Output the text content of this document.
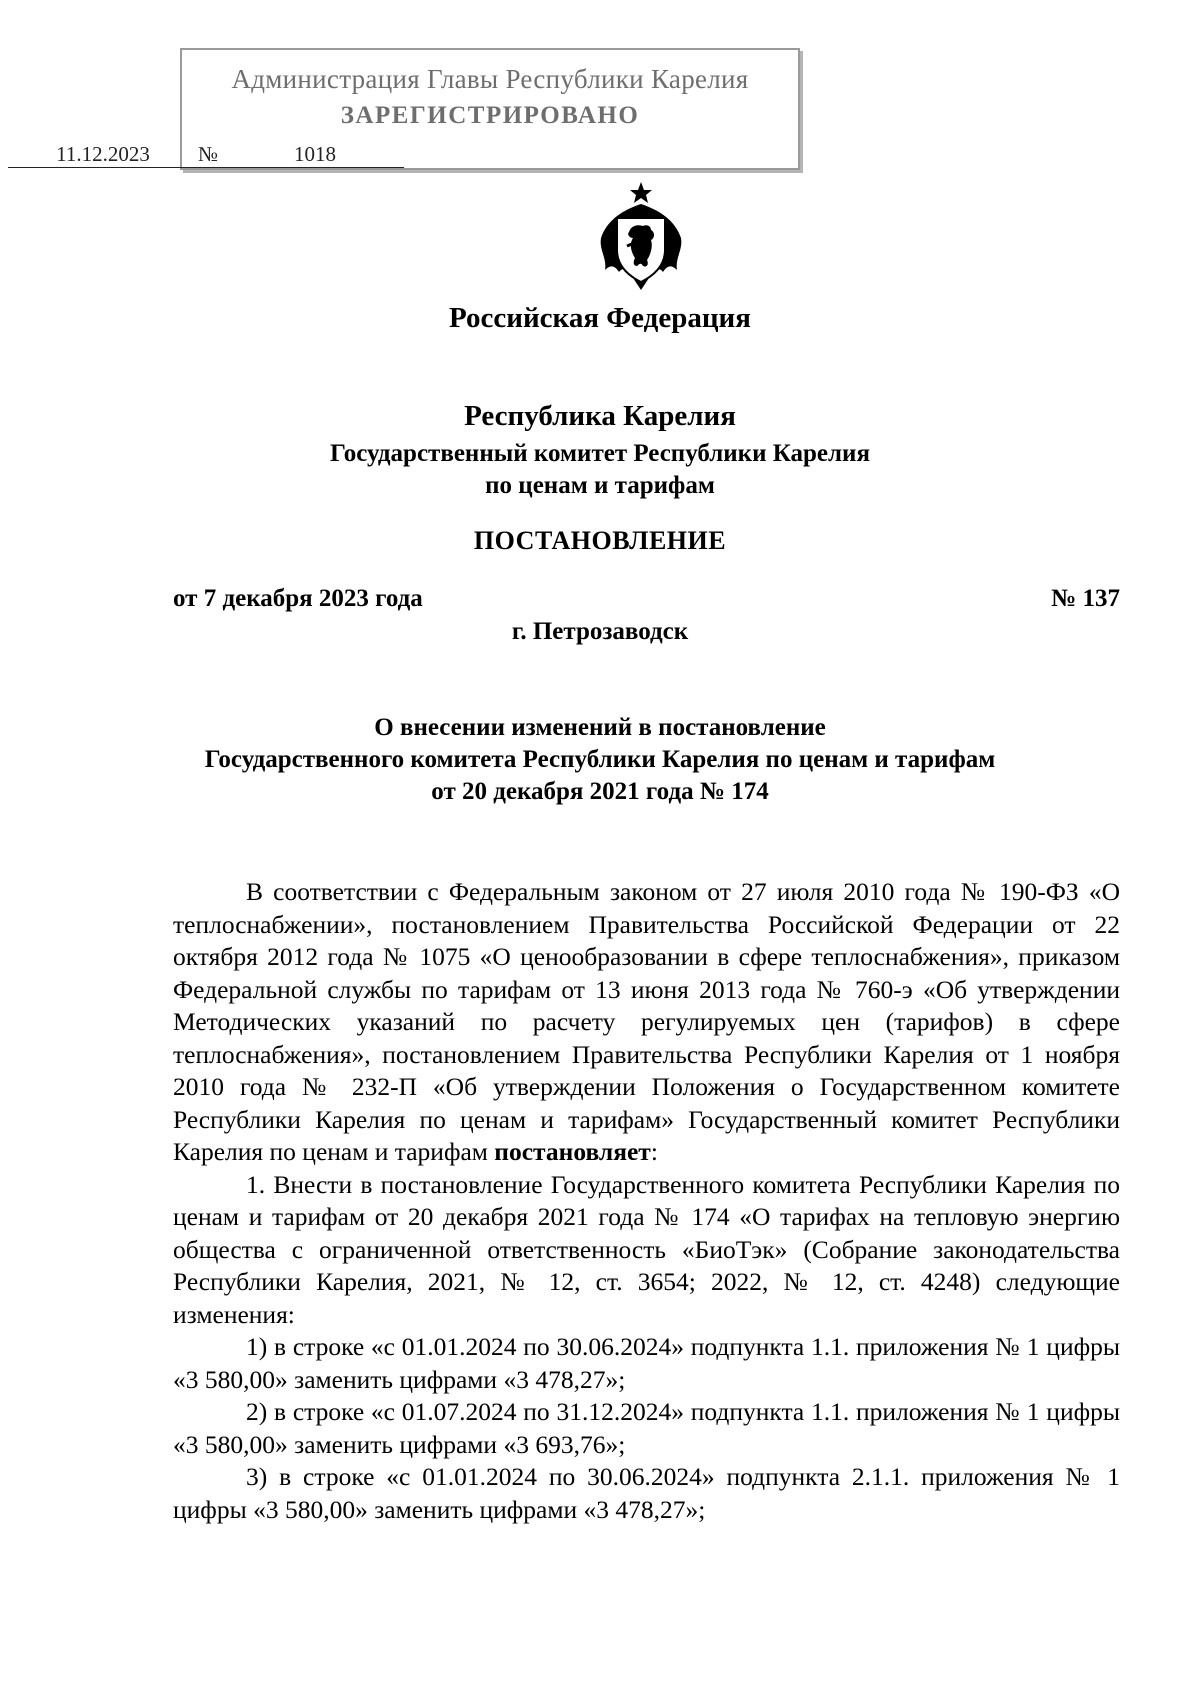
Администрация Главы Республики Карелия
ЗАРЕГИСТРИРОВАНО
11.12.2023	№	1018
Российская Федерация
Республика Карелия
Государственный комитет Республики Карелия
по ценам и тарифам
ПОСТАНОВЛЕНИЕ
от 7 декабря 2023 года	№ 137
г. Петрозаводск
О внесении изменений в постановление
Государственного комитета Республики Карелия по ценам и тарифам
от 20 декабря 2021 года № 174

В соответствии с Федеральным законом от 27 июля 2010 года № 190-ФЗ «О теплоснабжении», постановлением Правительства Российской Федерации от 22 октября 2012 года № 1075 «О ценообразовании в сфере теплоснабжения», приказом Федеральной службы по тарифам от 13 июня 2013 года № 760-э «Об утверждении Методических указаний по расчету регулируемых цен (тарифов) в сфере теплоснабжения», постановлением Правительства Республики Карелия от 1 ноября 2010 года № 232-П «Об утверждении Положения о Государственном комитете Республики Карелия по ценам и тарифам» Государственный комитет Республики Карелия по ценам и тарифам постановляет:

1. Внести в постановление Государственного комитета Республики Карелия по ценам и тарифам от 20 декабря 2021 года № 174 «О тарифах на тепловую энергию общества с ограниченной ответственность «БиоТэк» (Собрание законодательства Республики Карелия, 2021, № 12, ст. 3654; 2022, № 12, ст. 4248) следующие изменения:

1) в строке «с 01.01.2024 по 30.06.2024» подпункта 1.1. приложения № 1 цифры «3 580,00» заменить цифрами «3 478,27»;

2) в строке «с 01.07.2024 по 31.12.2024» подпункта 1.1. приложения № 1 цифры «3 580,00» заменить цифрами «3 693,76»;

3) в строке «с 01.01.2024 по 30.06.2024» подпункта 2.1.1. приложения № 1 цифры «3 580,00» заменить цифрами «3 478,27»;
